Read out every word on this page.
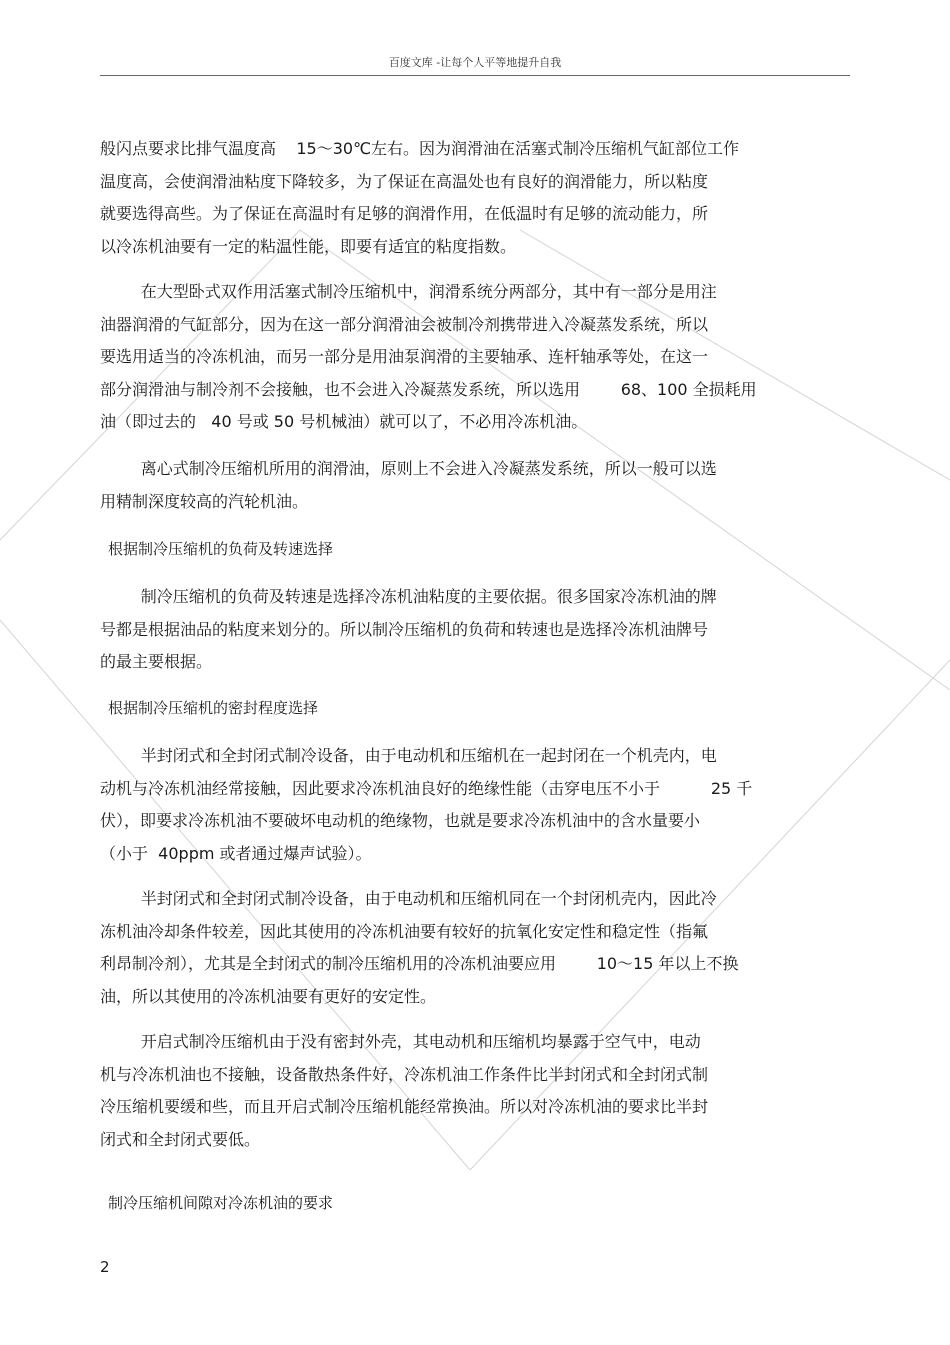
百度文库 -让每个人平等地提升自我

般闪点要求比排气温度高    15～30℃左右。因为润滑油在活塞式制冷压缩机气缸部位工作
温度高，会使润滑油粘度下降较多，为了保证在高温处也有良好的润滑能力，所以粘度
就要选得高些。为了保证在高温时有足够的润滑作用，在低温时有足够的流动能力，所
以冷冻机油要有一定的粘温性能，即要有适宜的粘度指数。

在大型卧式双作用活塞式制冷压缩机中，润滑系统分两部分，其中有一部分是用注
油器润滑的气缸部分，因为在这一部分润滑油会被制冷剂携带进入冷凝蒸发系统，所以
要选用适当的冷冻机油，而另一部分是用油泵润滑的主要轴承、连杆轴承等处，在这一
部分润滑油与制冷剂不会接触，也不会进入冷凝蒸发系统，所以选用        68、100 全损耗用
油（即过去的   40 号或 50 号机械油）就可以了，不必用冷冻机油。

离心式制冷压缩机所用的润滑油，原则上不会进入冷凝蒸发系统，所以一般可以选
用精制深度较高的汽轮机油。

根据制冷压缩机的负荷及转速选择

制冷压缩机的负荷及转速是选择冷冻机油粘度的主要依据。很多国家冷冻机油的牌
号都是根据油品的粘度来划分的。所以制冷压缩机的负荷和转速也是选择冷冻机油牌号
的最主要根据。

根据制冷压缩机的密封程度选择

半封闭式和全封闭式制冷设备，由于电动机和压缩机在一起封闭在一个机壳内，电
动机与冷冻机油经常接触，因此要求冷冻机油良好的绝缘性能（击穿电压不小于          25 千
伏），即要求冷冻机油不要破坏电动机的绝缘物，也就是要求冷冻机油中的含水量要小
（小于  40ppm 或者通过爆声试验）。

半封闭式和全封闭式制冷设备，由于电动机和压缩机同在一个封闭机壳内，因此冷
冻机油冷却条件较差，因此其使用的冷冻机油要有较好的抗氧化安定性和稳定性（指氟
利昂制冷剂），尤其是全封闭式的制冷压缩机用的冷冻机油要应用        10～15 年以上不换
油，所以其使用的冷冻机油要有更好的安定性。

开启式制冷压缩机由于没有密封外壳，其电动机和压缩机均暴露于空气中，电动
机与冷冻机油也不接触，设备散热条件好，冷冻机油工作条件比半封闭式和全封闭式制
冷压缩机要缓和些，而且开启式制冷压缩机能经常换油。所以对冷冻机油的要求比半封
闭式和全封闭式要低。

制冷压缩机间隙对冷冻机油的要求

2
